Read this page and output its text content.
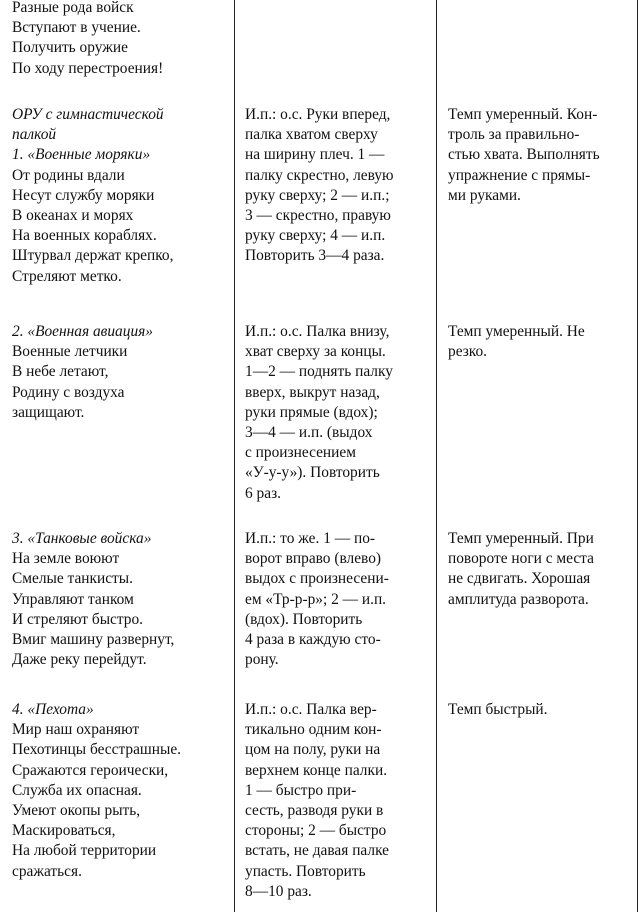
Разные рода войск
Вступают в учение.
Получить оружие
По ходу перестроения!
ОРУ с гимнастической
палкой
1. «Военные моряки»
От родины вдали
Несут службу моряки
В океанах и морях
На военных кораблях.
Штурвал держат крепко,
Стреляют метко.
И.п.: о.с. Руки вперед,
палка хватом сверху
на ширину плеч. 1 —
палку скрестно, левую
руку сверху; 2 — и.п.;
3 — скрестно, правую
руку сверху; 4 — и.п.
Повторить 3—4 раза.
Темп умеренный. Кон-
троль за правильно-
стью хвата. Выполнять
упражнение с прямы-
ми руками.
2. «Военная авиация»
Военные летчики
В небе летают,
Родину с воздуха
защищают.
И.п.: о.с. Палка внизу,
хват сверху за концы.
1—2 — поднять палку
вверх, выкрут назад,
руки прямые (вдох);
3—4 — и.п. (выдох
с произнесением
«У-у-у»). Повторить
6 раз.
Темп умеренный. Не
резко.
3. «Танковые войска»
На земле воюют
Смелые танкисты.
Управляют танком
И стреляют быстро.
Вмиг машину развернут,
Даже реку перейдут.
И.п.: то же. 1 — по-
ворот вправо (влево)
выдох с произнесени-
ем «Тр-р-р»; 2 — и.п.
(вдох). Повторить
4 раза в каждую сто-
рону.
Темп умеренный. При
повороте ноги с места
не сдвигать. Хорошая
амплитуда разворота.
4. «Пехота»
Мир наш охраняют
Пехотинцы бесстрашные.
Сражаются героически,
Служба их опасная.
Умеют окопы рыть,
Маскироваться,
На любой территории
сражаться.
И.п.: о.с. Палка вер-
тикально одним кон-
цом на полу, руки на
верхнем конце палки.
1 — быстро при-
сесть, разводя руки в
стороны; 2 — быстро
встать, не давая палке
упасть. Повторить
8—10 раз.
Темп быстрый.
